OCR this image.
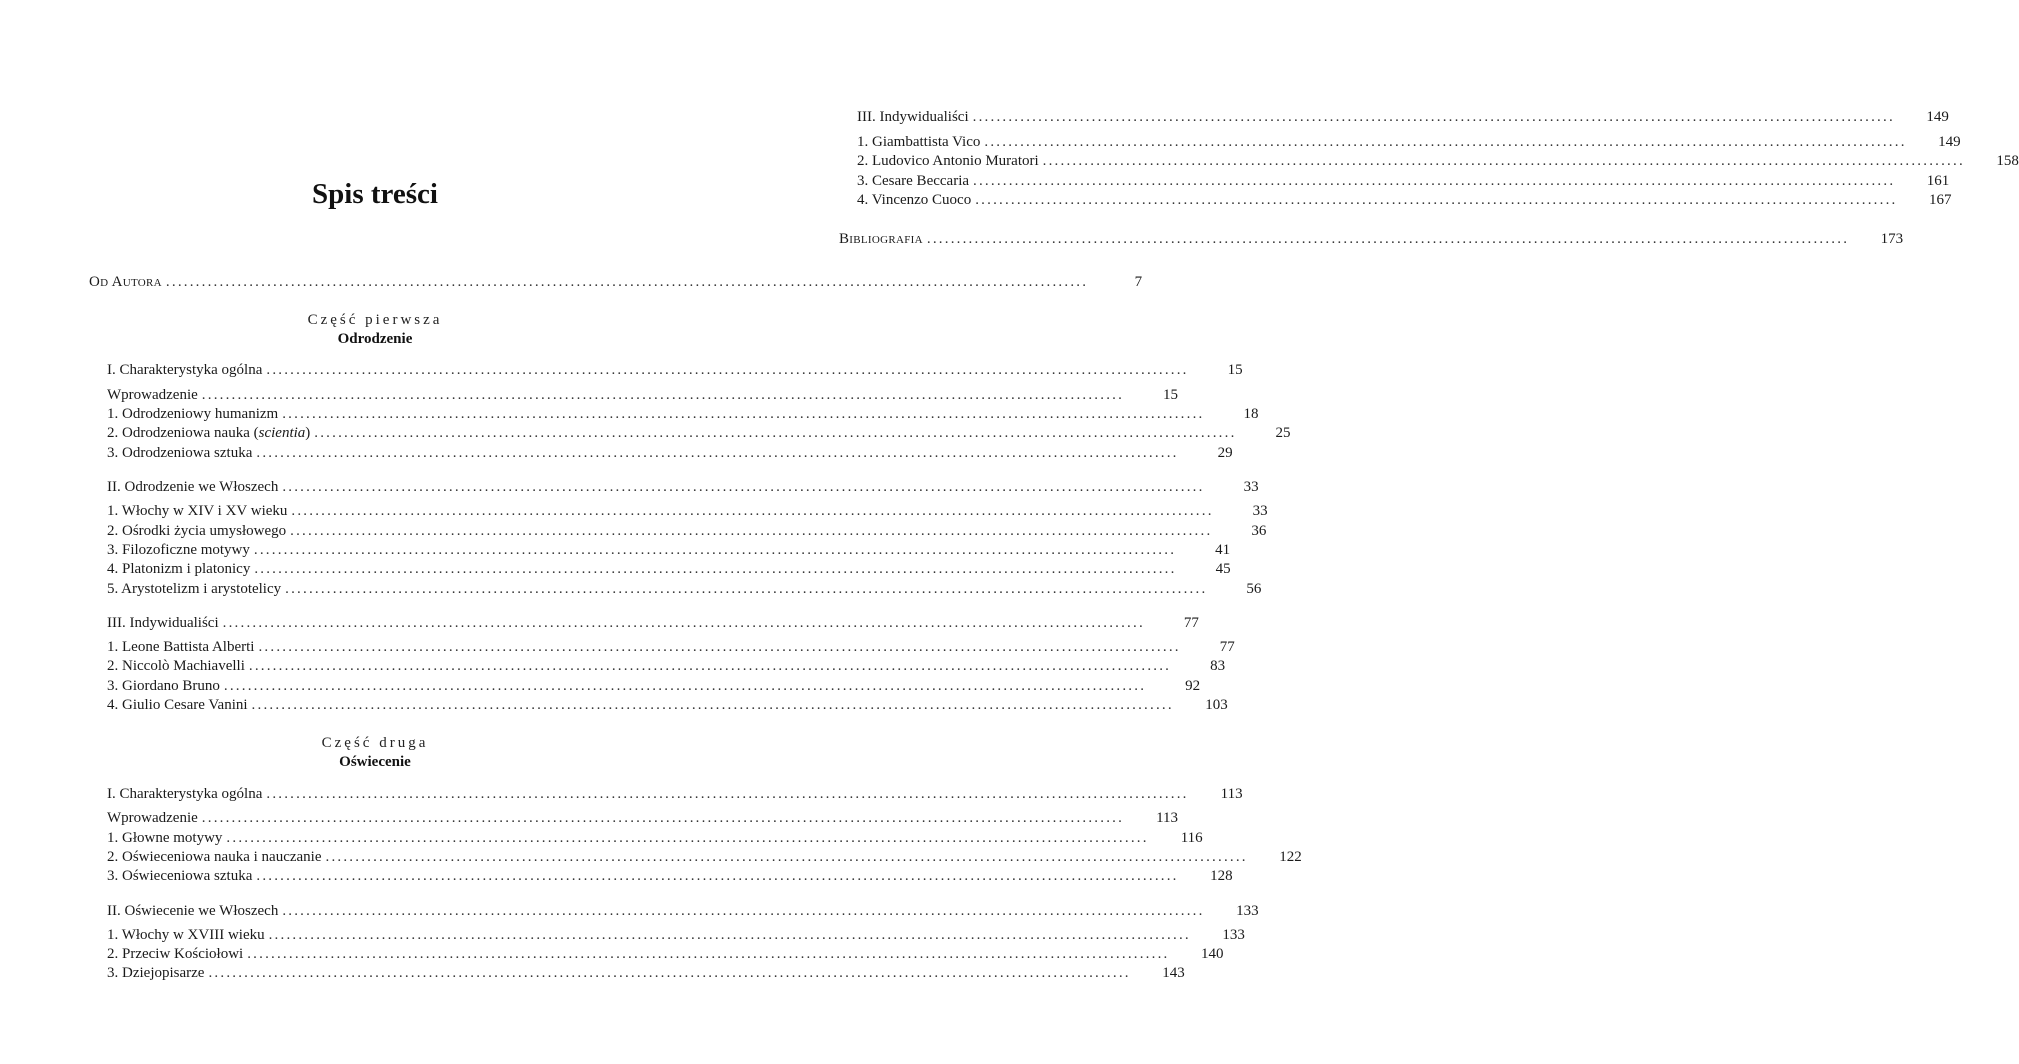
Spis treści
Od Autora ...........................................................................................................................................................	7
Część pierwsza
Odrodzenie
I. Charakterystyka ogólna ...........................................................................................................................................................	15
Wprowadzenie ...........................................................................................................................................................	15
1. Odrodzeniowy humanizm ...........................................................................................................................................................	18
2. Odrodzeniowa nauka (scientia) ...........................................................................................................................................................	25
3. Odrodzeniowa sztuka ...........................................................................................................................................................	29
II. Odrodzenie we Włoszech ...........................................................................................................................................................	33
1. Włochy w XIV i XV wieku ...........................................................................................................................................................	33
2. Ośrodki życia umysłowego ...........................................................................................................................................................	36
3. Filozoficzne motywy ...........................................................................................................................................................	41
4. Platonizm i platonicy ...........................................................................................................................................................	45
5. Arystotelizm i arystotelicy ...........................................................................................................................................................	56
III. Indywidualiści ...........................................................................................................................................................	77
1. Leone Battista Alberti ...........................................................................................................................................................	77
2. Niccolò Machiavelli ...........................................................................................................................................................	83
3. Giordano Bruno ...........................................................................................................................................................	92
4. Giulio Cesare Vanini ...........................................................................................................................................................	103
Część druga
Oświecenie
I. Charakterystyka ogólna ...........................................................................................................................................................	113
Wprowadzenie ...........................................................................................................................................................	113
1. Głowne motywy ...........................................................................................................................................................	116
2. Oświeceniowa nauka i nauczanie ...........................................................................................................................................................	122
3. Oświeceniowa sztuka ...........................................................................................................................................................	128
II. Oświecenie we Włoszech ...........................................................................................................................................................	133
1. Włochy w XVIII wieku ...........................................................................................................................................................	133
2. Przeciw Kościołowi ...........................................................................................................................................................	140
3. Dziejopisarze ...........................................................................................................................................................	143
III. Indywidualiści ...........................................................................................................................................................	149
1. Giambattista Vico ...........................................................................................................................................................	149
2. Ludovico Antonio Muratori ...........................................................................................................................................................	158
3. Cesare Beccaria ...........................................................................................................................................................	161
4. Vincenzo Cuoco ...........................................................................................................................................................	167
Bibliografia ...........................................................................................................................................................	173
